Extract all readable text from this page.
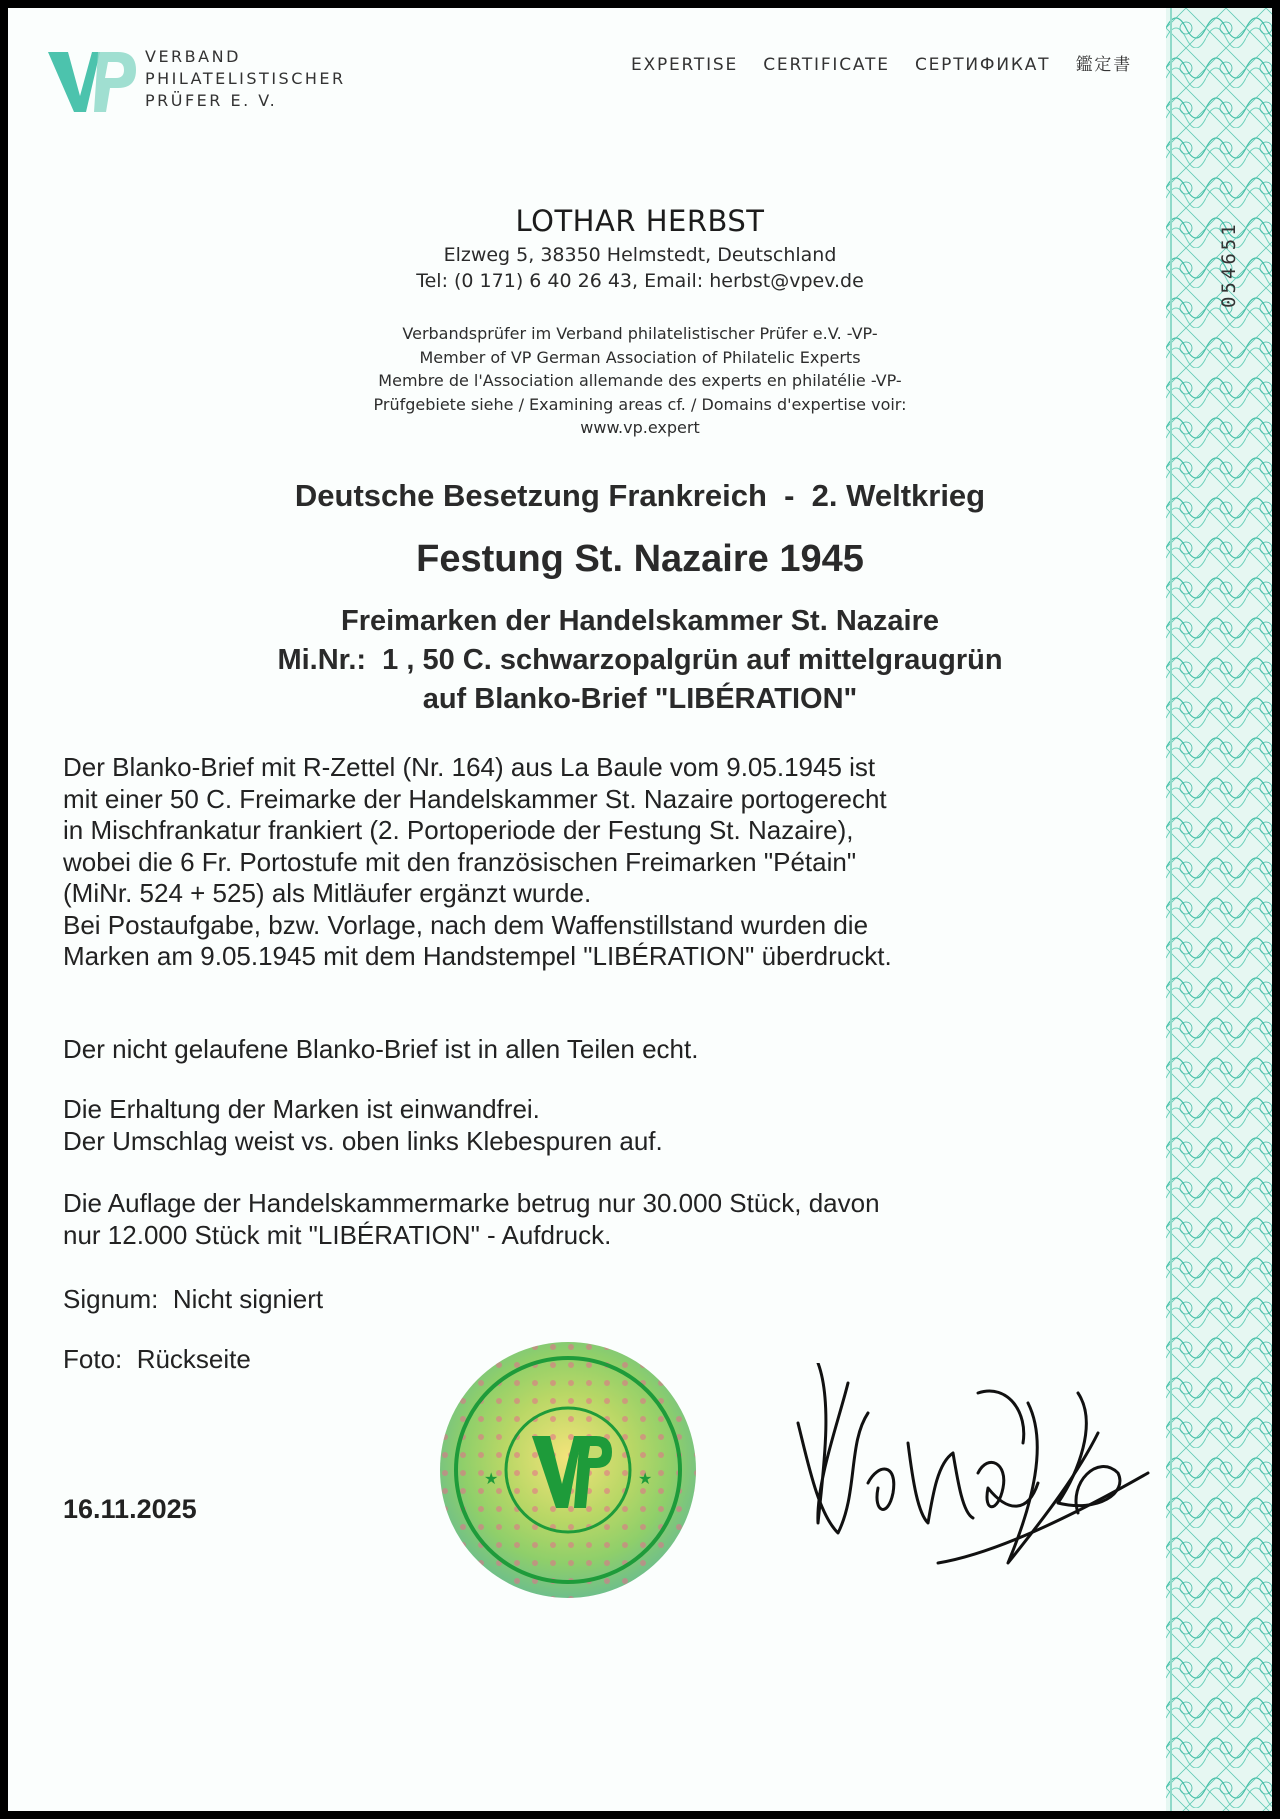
VERBAND
PHILATELISTISCHER
PRÜFER E. V.
EXPERTISE CERTIFICATE СЕРТИФИКАТ 鑑定書
LOTHAR HERBST
Elzweg 5, 38350 Helmstedt, Deutschland
Tel: (0 171) 6 40 26 43, Email: herbst@vpev.de
Verbandsprüfer im Verband philatelistischer Prüfer e.V. -VP-
Member of VP German Association of Philatelic Experts
Membre de l'Association allemande des experts en philatélie -VP-
Prüfgebiete siehe / Examining areas cf. / Domains d'expertise voir:
www.vp.expert
Deutsche Besetzung Frankreich  -  2. Weltkrieg
Festung St. Nazaire 1945
Freimarken der Handelskammer St. Nazaire
Mi.Nr.:  1 , 50 C. schwarzopalgrün auf mittelgraugrün
auf Blanko-Brief "LIBÉRATION"
Der Blanko-Brief mit R-Zettel (Nr. 164) aus La Baule vom 9.05.1945 ist
mit einer 50 C. Freimarke der Handelskammer St. Nazaire portogerecht
in Mischfrankatur frankiert (2. Portoperiode der Festung St. Nazaire),
wobei die 6 Fr. Portostufe mit den französischen Freimarken "Pétain"
(MiNr. 524 + 525) als Mitläufer ergänzt wurde.
Bei Postaufgabe, bzw. Vorlage, nach dem Waffenstillstand wurden die
Marken am 9.05.1945 mit dem Handstempel "LIBÉRATION" überdruckt.
Der nicht gelaufene Blanko-Brief ist in allen Teilen echt.
Die Erhaltung der Marken ist einwandfrei.
Der Umschlag weist vs. oben links Klebespuren auf.
Die Auflage der Handelskammermarke betrug nur 30.000 Stück, davon
nur 12.000 Stück mit "LIBÉRATION" - Aufdruck.
Signum:  Nicht signiert
Foto:  Rückseite
16.11.2025
★	★
054651
